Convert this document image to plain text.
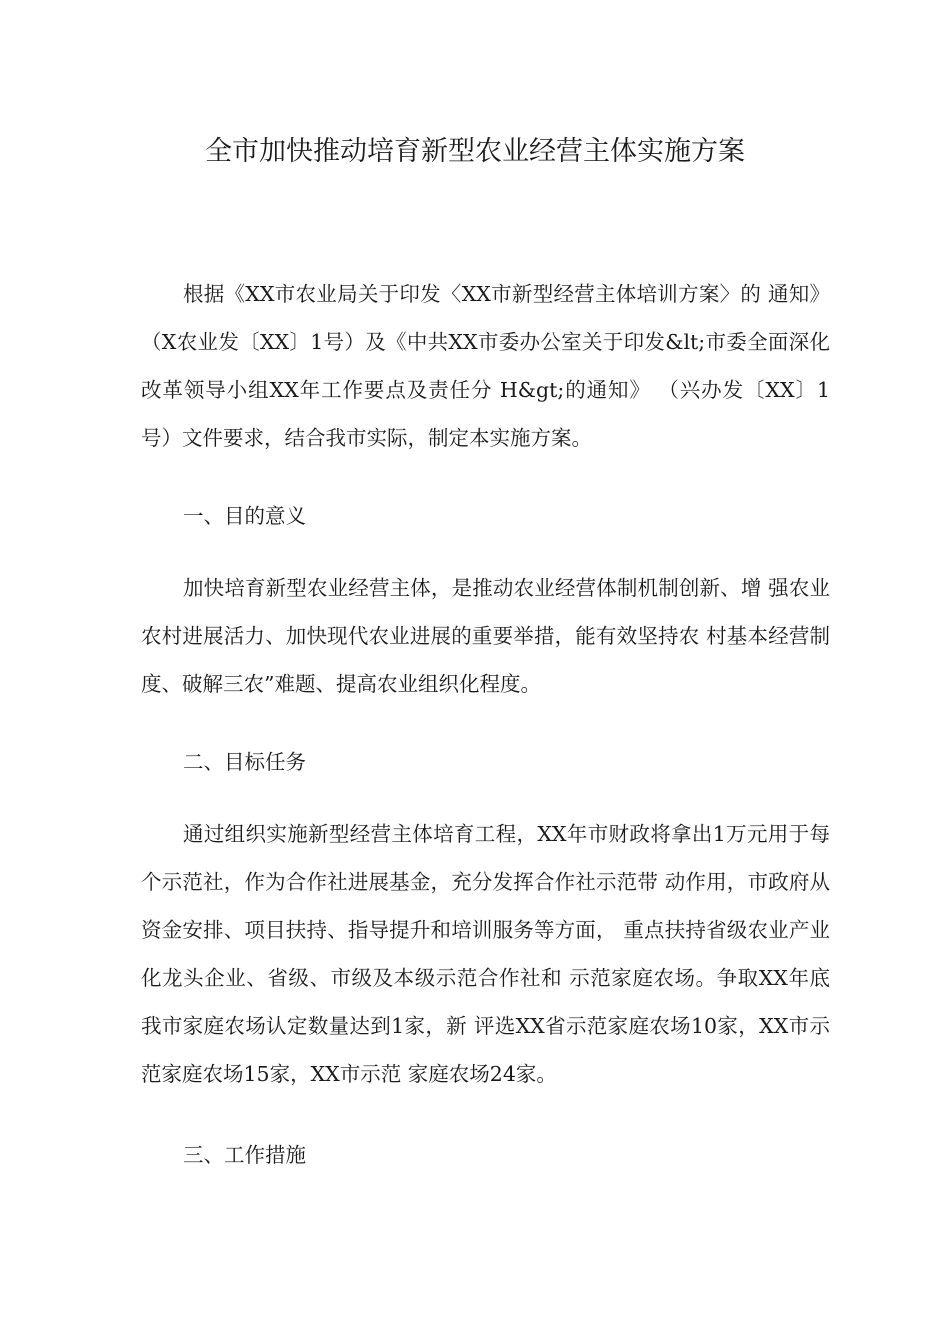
全市加快推动培育新型农业经营主体实施方案

根据《XX市农业局关于印发〈XX市新型经营主体培训方案〉的 通知》（X农业发〔XX〕1号）及《中共XX市委办公室关于印发&lt;市委全面深化改革领导小组XX年工作要点及责任分 H&gt;的通知》 （兴办发〔XX〕1号）文件要求，结合我市实际，制定本实施方案。

一、目的意义

加快培育新型农业经营主体，是推动农业经营体制机制创新、增 强农业农村进展活力、加快现代农业进展的重要举措，能有效坚持农 村基本经营制度、破解三农”难题、提高农业组织化程度。

二、目标任务

通过组织实施新型经营主体培育工程，XX年市财政将拿出1万元用于每个示范社，作为合作社进展基金，充分发挥合作社示范带 动作用，市政府从资金安排、项目扶持、指导提升和培训服务等方面， 重点扶持省级农业产业化龙头企业、省级、市级及本级示范合作社和 示范家庭农场。争取XX年底我市家庭农场认定数量达到1家，新 评选XX省示范家庭农场10家，XX市示范家庭农场15家，XX市示范 家庭农场24家。

三、工作措施
